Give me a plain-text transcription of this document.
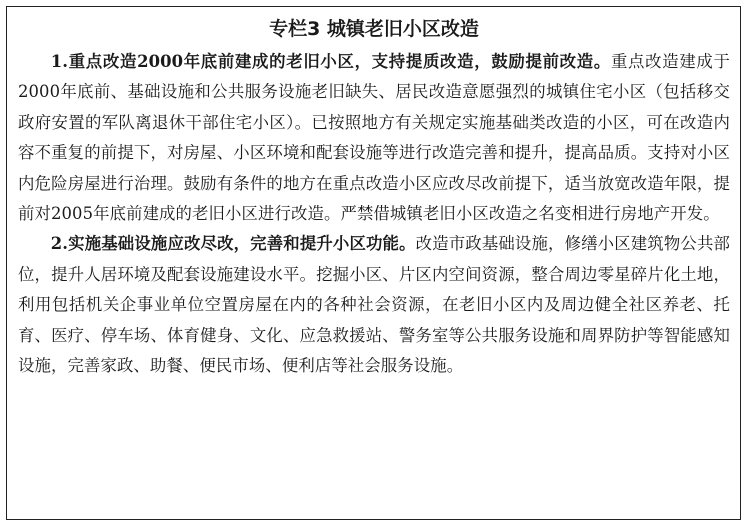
专栏3 城镇老旧小区改造

1.重点改造2000年底前建成的老旧小区，支持提质改造，鼓励提前改造。重点改造建成于2000年底前、基础设施和公共服务设施老旧缺失、居民改造意愿强烈的城镇住宅小区（包括移交政府安置的军队离退休干部住宅小区）。已按照地方有关规定实施基础类改造的小区，可在改造内容不重复的前提下，对房屋、小区环境和配套设施等进行改造完善和提升，提高品质。支持对小区内危险房屋进行治理。鼓励有条件的地方在重点改造小区应改尽改前提下，适当放宽改造年限，提前对2005年底前建成的老旧小区进行改造。严禁借城镇老旧小区改造之名变相进行房地产开发。

2.实施基础设施应改尽改，完善和提升小区功能。改造市政基础设施，修缮小区建筑物公共部位，提升人居环境及配套设施建设水平。挖掘小区、片区内空间资源，整合周边零星碎片化土地，利用包括机关企事业单位空置房屋在内的各种社会资源，在老旧小区内及周边健全社区养老、托育、医疗、停车场、体育健身、文化、应急救援站、警务室等公共服务设施和周界防护等智能感知设施，完善家政、助餐、便民市场、便利店等社会服务设施。
